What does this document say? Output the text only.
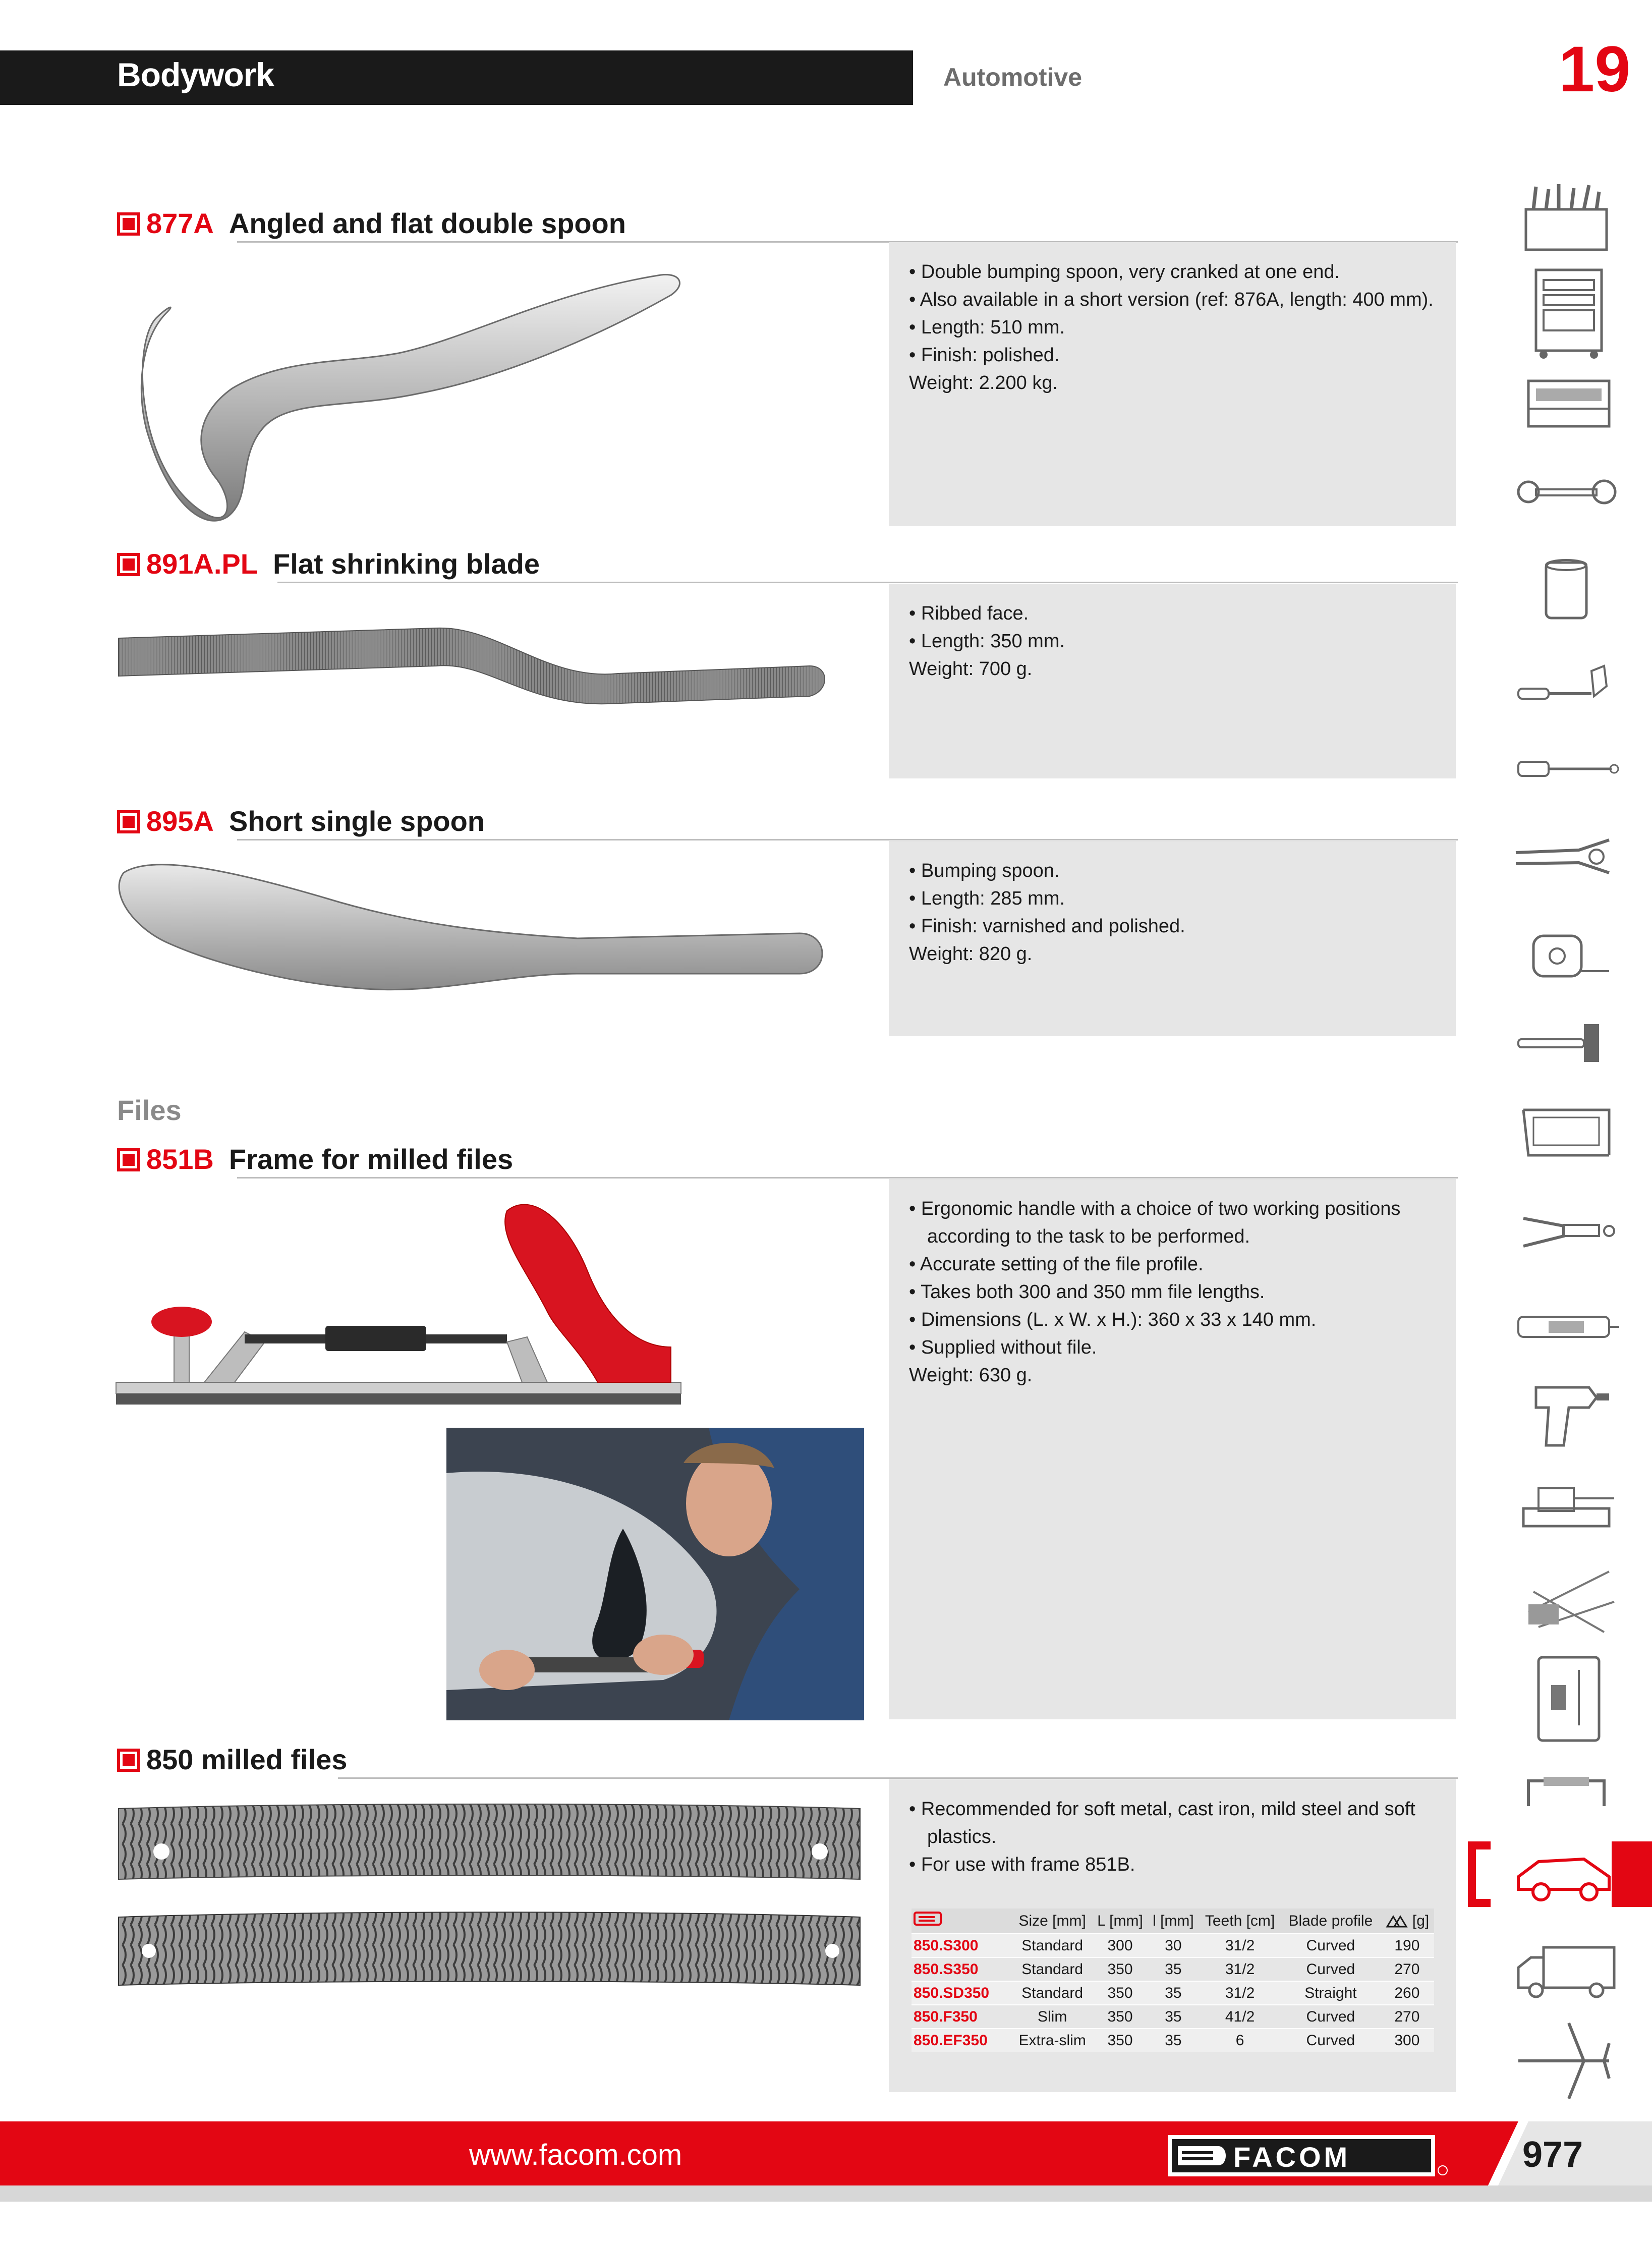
Bodywork	Automotive	19
877A Angled and flat double spoon
• Double bumping spoon, very cranked at one end.
• Also available in a short version (ref: 876A, length: 400 mm).
• Length: 510 mm.
• Finish: polished.
Weight: 2.200 kg.
891A.PL Flat shrinking blade
• Ribbed face.
• Length: 350 mm.
Weight: 700 g.
895A Short single spoon
• Bumping spoon.
• Length: 285 mm.
• Finish: varnished and polished.
Weight: 820 g.
Files
851B Frame for milled files
• Ergonomic handle with a choice of two working positions
according to the task to be performed.
• Accurate setting of the file profile.
• Takes both 300 and 350 mm file lengths.
• Dimensions (L. x W. x H.): 360 x 33 x 140 mm.
• Supplied without file.
Weight: 630 g.
850 milled files
• Recommended for soft metal, cast iron, mild steel and soft
plastics.
• For use with frame 851B.
	Size [mm]	L [mm]	l [mm]	Teeth [cm]	Blade profile	[g]
850.S300	Standard	300	30	31/2	Curved	190
850.S350	Standard	350	35	31/2	Curved	270
850.SD350	Standard	350	35	31/2	Straight	260
850.F350	Slim	350	35	41/2	Curved	270
850.EF350	Extra-slim	350	35	6	Curved	300
www.facom.com	FACOM	977
